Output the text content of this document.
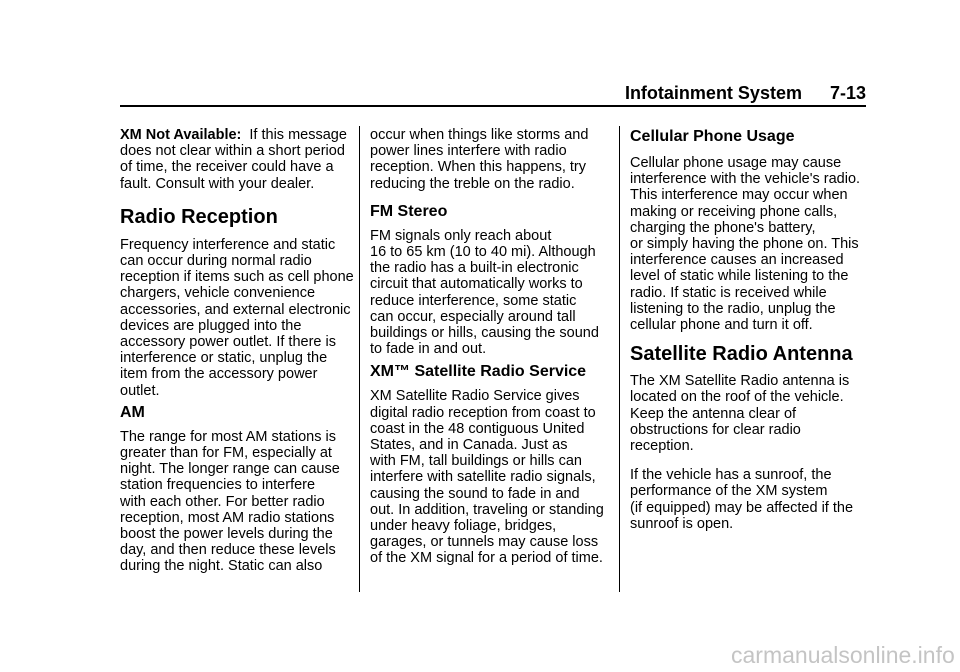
Infotainment System 7-13
XM Not Available: If this message
does not clear within a short period
of time, the receiver could have a
fault. Consult with your dealer.
Radio Reception
Frequency interference and static
can occur during normal radio
reception if items such as cell phone
chargers, vehicle convenience
accessories, and external electronic
devices are plugged into the
accessory power outlet. If there is
interference or static, unplug the
item from the accessory power
outlet.
AM
The range for most AM stations is
greater than for FM, especially at
night. The longer range can cause
station frequencies to interfere
with each other. For better radio
reception, most AM radio stations
boost the power levels during the
day, and then reduce these levels
during the night. Static can also
occur when things like storms and
power lines interfere with radio
reception. When this happens, try
reducing the treble on the radio.
FM Stereo
FM signals only reach about
16 to 65 km (10 to 40 mi). Although
the radio has a built-in electronic
circuit that automatically works to
reduce interference, some static
can occur, especially around tall
buildings or hills, causing the sound
to fade in and out.
XM™ Satellite Radio Service
XM Satellite Radio Service gives
digital radio reception from coast to
coast in the 48 contiguous United
States, and in Canada. Just as
with FM, tall buildings or hills can
interfere with satellite radio signals,
causing the sound to fade in and
out. In addition, traveling or standing
under heavy foliage, bridges,
garages, or tunnels may cause loss
of the XM signal for a period of time.
Cellular Phone Usage
Cellular phone usage may cause
interference with the vehicle's radio.
This interference may occur when
making or receiving phone calls,
charging the phone's battery,
or simply having the phone on. This
interference causes an increased
level of static while listening to the
radio. If static is received while
listening to the radio, unplug the
cellular phone and turn it off.
Satellite Radio Antenna
The XM Satellite Radio antenna is
located on the roof of the vehicle.
Keep the antenna clear of
obstructions for clear radio
reception.
If the vehicle has a sunroof, the
performance of the XM system
(if equipped) may be affected if the
sunroof is open.
carmanualsonline.info
